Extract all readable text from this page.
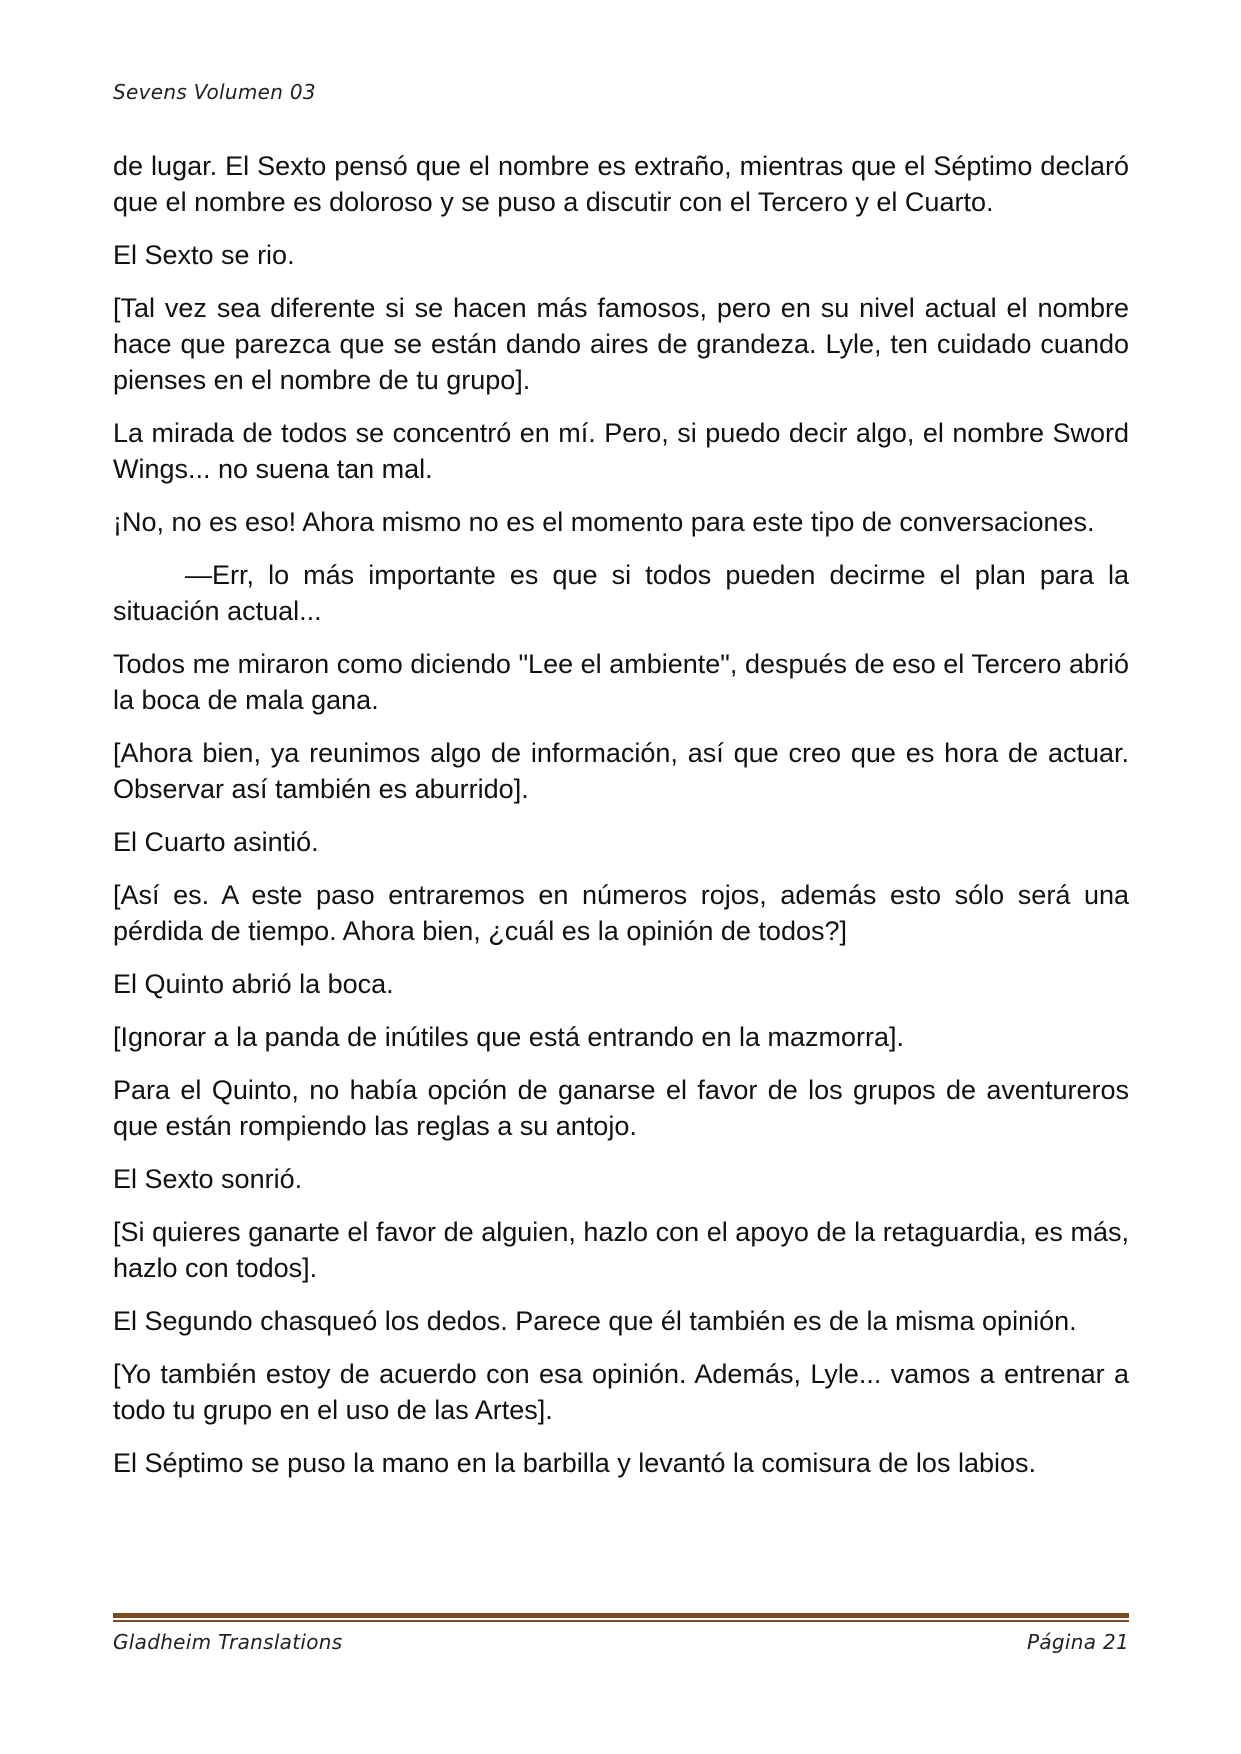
Sevens Volumen 03

de lugar. El Sexto pensó que el nombre es extraño, mientras que el Séptimo declaró que el nombre es doloroso y se puso a discutir con el Tercero y el Cuarto.

El Sexto se rio.

[Tal vez sea diferente si se hacen más famosos, pero en su nivel actual el nombre hace que parezca que se están dando aires de grandeza. Lyle, ten cuidado cuando pienses en el nombre de tu grupo].

La mirada de todos se concentró en mí. Pero, si puedo decir algo, el nombre Sword Wings... no suena tan mal.

¡No, no es eso! Ahora mismo no es el momento para este tipo de conversaciones.

—Err, lo más importante es que si todos pueden decirme el plan para la situación actual...

Todos me miraron como diciendo "Lee el ambiente", después de eso el Tercero abrió la boca de mala gana.

[Ahora bien, ya reunimos algo de información, así que creo que es hora de actuar. Observar así también es aburrido].

El Cuarto asintió.

[Así es. A este paso entraremos en números rojos, además esto sólo será una pérdida de tiempo. Ahora bien, ¿cuál es la opinión de todos?]

El Quinto abrió la boca.

[Ignorar a la panda de inútiles que está entrando en la mazmorra].

Para el Quinto, no había opción de ganarse el favor de los grupos de aventureros que están rompiendo las reglas a su antojo.

El Sexto sonrió.

[Si quieres ganarte el favor de alguien, hazlo con el apoyo de la retaguardia, es más, hazlo con todos].

El Segundo chasqueó los dedos. Parece que él también es de la misma opinión.

[Yo también estoy de acuerdo con esa opinión. Además, Lyle... vamos a entrenar a todo tu grupo en el uso de las Artes].

El Séptimo se puso la mano en la barbilla y levantó la comisura de los labios.

Gladheim Translations	Página 21
